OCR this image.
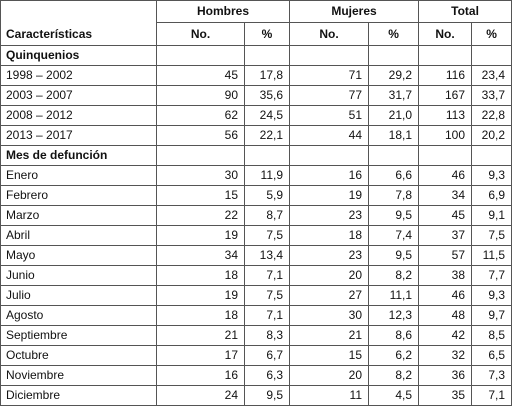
Características	Hombres		Mujeres		Total	
	No.	%	No.	%	No.	%
Quinquenios						
1998 – 2002	45	17,8	71	29,2	116	23,4
2003 – 2007	90	35,6	77	31,7	167	33,7
2008 – 2012	62	24,5	51	21,0	113	22,8
2013 – 2017	56	22,1	44	18,1	100	20,2
Mes de defunción						
Enero	30	11,9	16	6,6	46	9,3
Febrero	15	5,9	19	7,8	34	6,9
Marzo	22	8,7	23	9,5	45	9,1
Abril	19	7,5	18	7,4	37	7,5
Mayo	34	13,4	23	9,5	57	11,5
Junio	18	7,1	20	8,2	38	7,7
Julio	19	7,5	27	11,1	46	9,3
Agosto	18	7,1	30	12,3	48	9,7
Septiembre	21	8,3	21	8,6	42	8,5
Octubre	17	6,7	15	6,2	32	6,5
Noviembre	16	6,3	20	8,2	36	7,3
Diciembre	24	9,5	11	4,5	35	7,1
